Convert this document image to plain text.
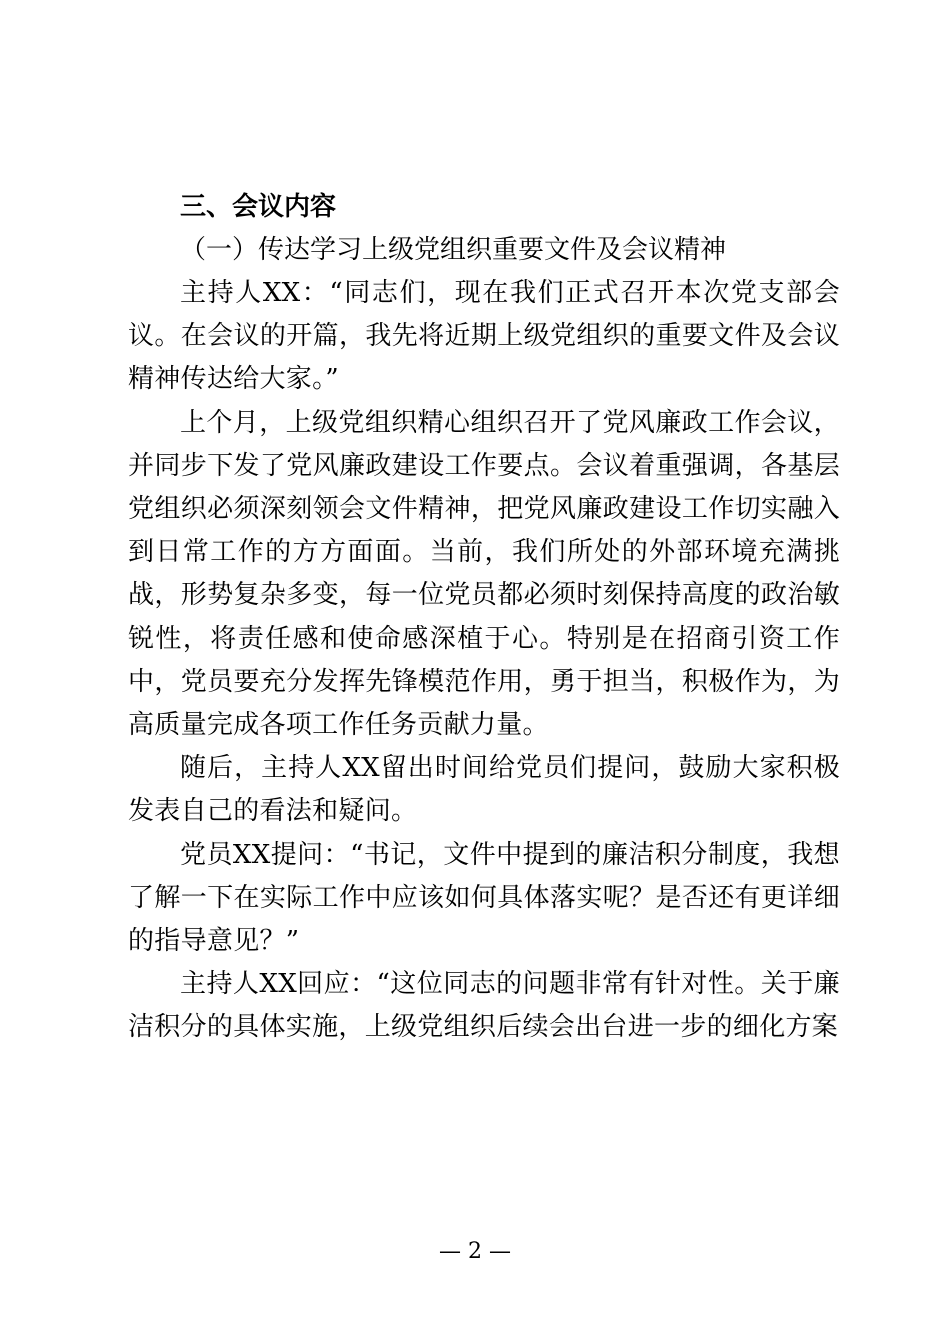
三、会议内容

（一）传达学习上级党组织重要文件及会议精神

主持人XX：“同志们，现在我们正式召开本次党支部会议。在会议的开篇，我先将近期上级党组织的重要文件及会议精神传达给大家。”

上个月，上级党组织精心组织召开了党风廉政工作会议，并同步下发了党风廉政建设工作要点。会议着重强调，各基层党组织必须深刻领会文件精神，把党风廉政建设工作切实融入到日常工作的方方面面。当前，我们所处的外部环境充满挑战，形势复杂多变，每一位党员都必须时刻保持高度的政治敏锐性，将责任感和使命感深植于心。特别是在招商引资工作中，党员要充分发挥先锋模范作用，勇于担当，积极作为，为高质量完成各项工作任务贡献力量。

随后，主持人XX留出时间给党员们提问，鼓励大家积极发表自己的看法和疑问。

党员XX提问：“书记，文件中提到的廉洁积分制度，我想了解一下在实际工作中应该如何具体落实呢？是否还有更详细的指导意见？”

主持人XX回应：“这位同志的问题非常有针对性。关于廉洁积分的具体实施，上级党组织后续会出台进一步的细化方案

— 2 —
